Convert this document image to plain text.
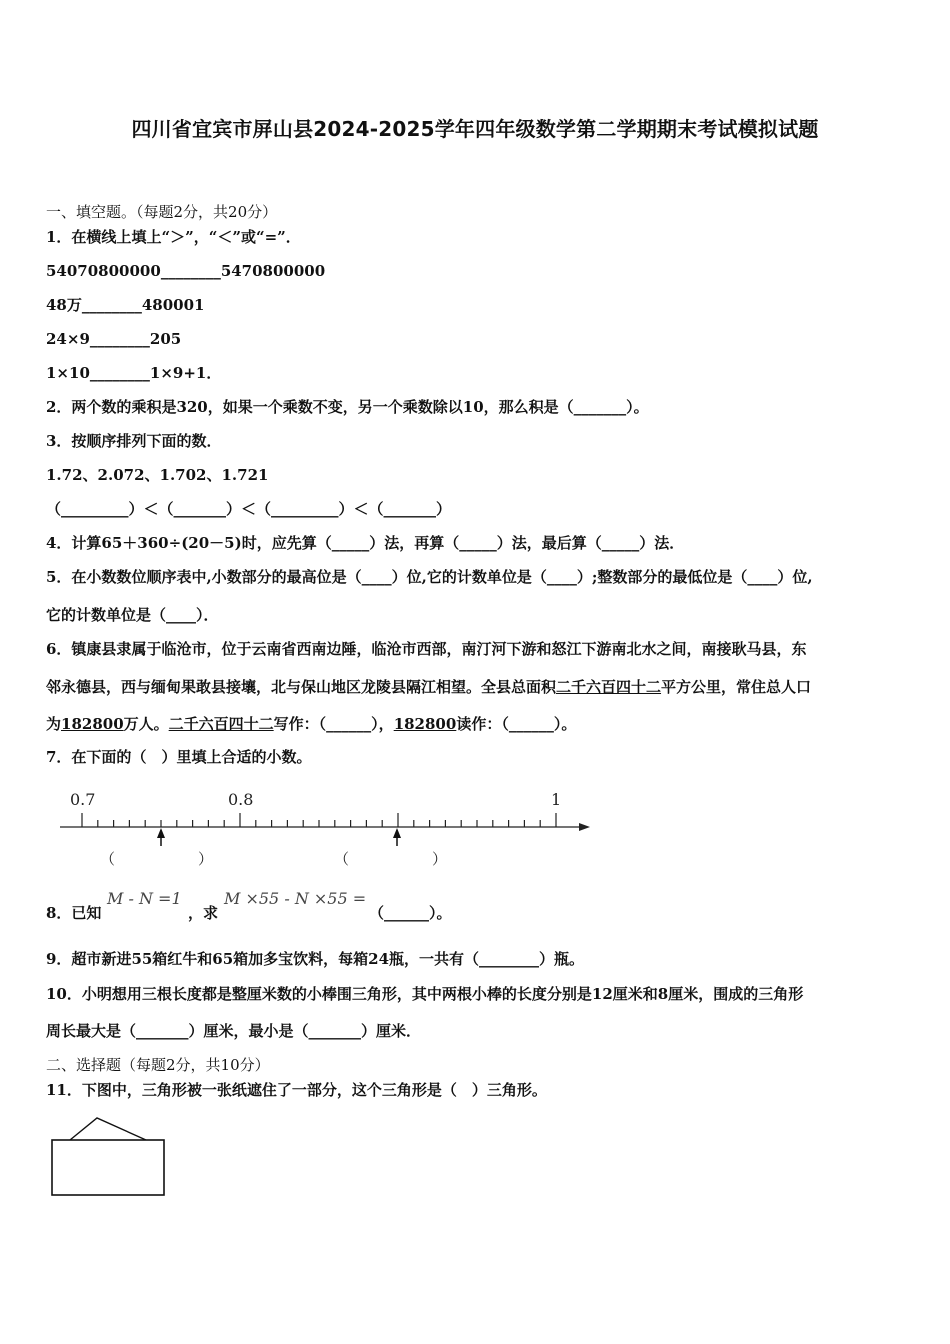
四川省宜宾市屏山县2024-2025学年四年级数学第二学期期末考试模拟试题
一、填空题。（每题2分，共20分）
1．在横线上填上“＞”，“＜”或“=”．
54070800000________5470800000
48万________480001
24×9________205
1×10________1×9+1．
2．两个数的乘积是320，如果一个乘数不变，另一个乘数除以10，那么积是（_______）。
3．按顺序排列下面的数．
1.72、2.072、1.702、1.721
（_________）＜（_______）＜（_________）＜（_______）
4．计算65＋360÷(20－5)时，应先算（_____）法，再算（_____）法，最后算（_____）法．
5．在小数数位顺序表中,小数部分的最高位是（____）位,它的计数单位是（____）;整数部分的最低位是（____）位,
它的计数单位是（____）．
6．镇康县隶属于临沧市，位于云南省西南边陲，临沧市西部，南汀河下游和怒江下游南北水之间，南接耿马县，东
邻永德县，西与缅甸果敢县接壤，北与保山地区龙陵县隔江相望。全县总面积二千六百四十二平方公里，常住总人口
为182800万人。二千六百四十二写作：（______），182800读作：（______）。
7．在下面的（　）里填上合适的小数。
0.7	0.8	1
（	）	（	）
8．已知
M - N =1
，求
M ×55 - N ×55 =
（______）。
9．超市新进55箱红牛和65箱加多宝饮料，每箱24瓶，一共有（________）瓶。
10．小明想用三根长度都是整厘米数的小棒围三角形，其中两根小棒的长度分别是12厘米和8厘米，围成的三角形
周长最大是（_______）厘米，最小是（_______）厘米．
二、选择题（每题2分，共10分）
11．下图中，三角形被一张纸遮住了一部分，这个三角形是（　）三角形。
